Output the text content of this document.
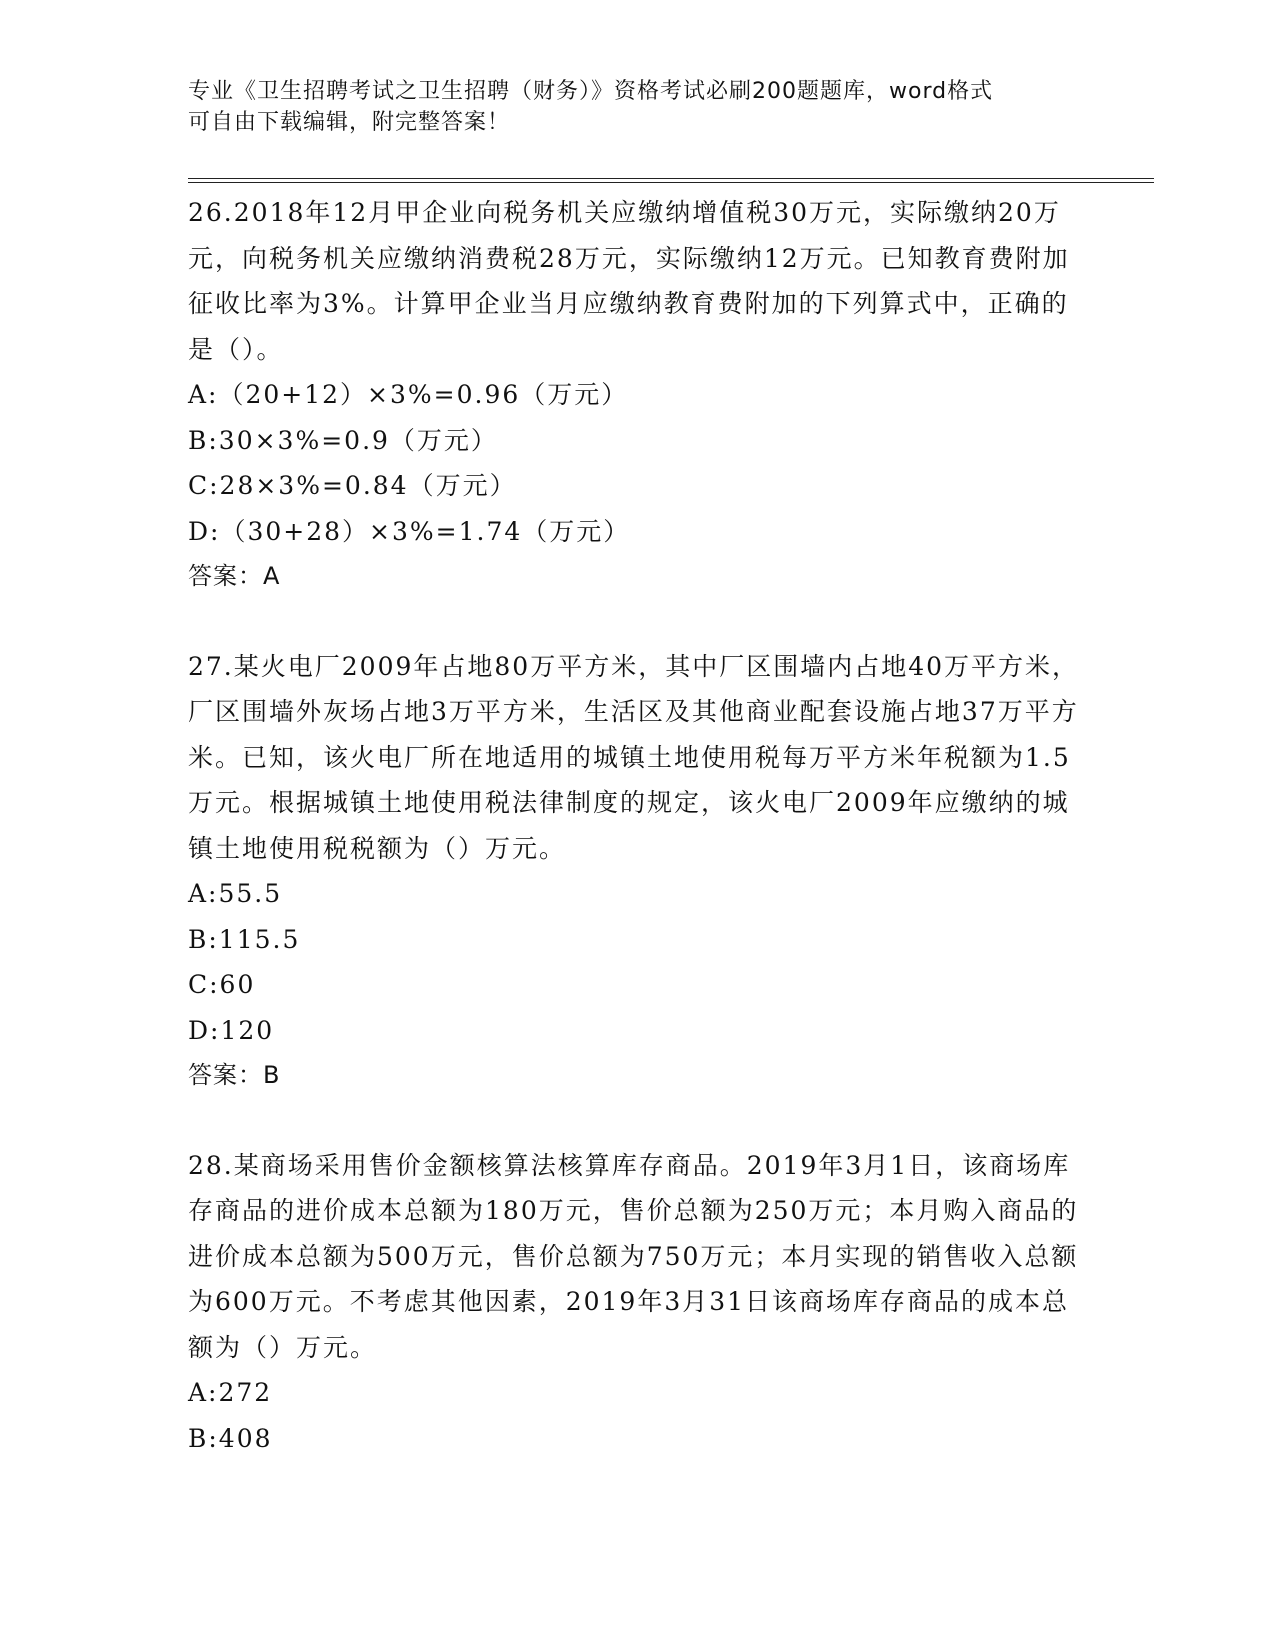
专业《卫生招聘考试之卫生招聘（财务）》资格考试必刷200题题库，word格式
可自由下载编辑，附完整答案！

26.2018年12月甲企业向税务机关应缴纳增值税30万元，实际缴纳20万元，向税务机关应缴纳消费税28万元，实际缴纳12万元。已知教育费附加征收比率为3%。计算甲企业当月应缴纳教育费附加的下列算式中，正确的是（）。

A:（20+12）×3%=0.96（万元）

B:30×3%=0.9（万元）

C:28×3%=0.84（万元）

D:（30+28）×3%=1.74（万元）

答案：A

27.某火电厂2009年占地80万平方米，其中厂区围墙内占地40万平方米，厂区围墙外灰场占地3万平方米，生活区及其他商业配套设施占地37万平方米。已知，该火电厂所在地适用的城镇土地使用税每万平方米年税额为1.5万元。根据城镇土地使用税法律制度的规定，该火电厂2009年应缴纳的城镇土地使用税税额为（）万元。

A:55.5

B:115.5

C:60

D:120

答案：B

28.某商场采用售价金额核算法核算库存商品。2019年3月1日，该商场库存商品的进价成本总额为180万元，售价总额为250万元；本月购入商品的进价成本总额为500万元，售价总额为750万元；本月实现的销售收入总额为600万元。不考虑其他因素，2019年3月31日该商场库存商品的成本总额为（）万元。

A:272

B:408
